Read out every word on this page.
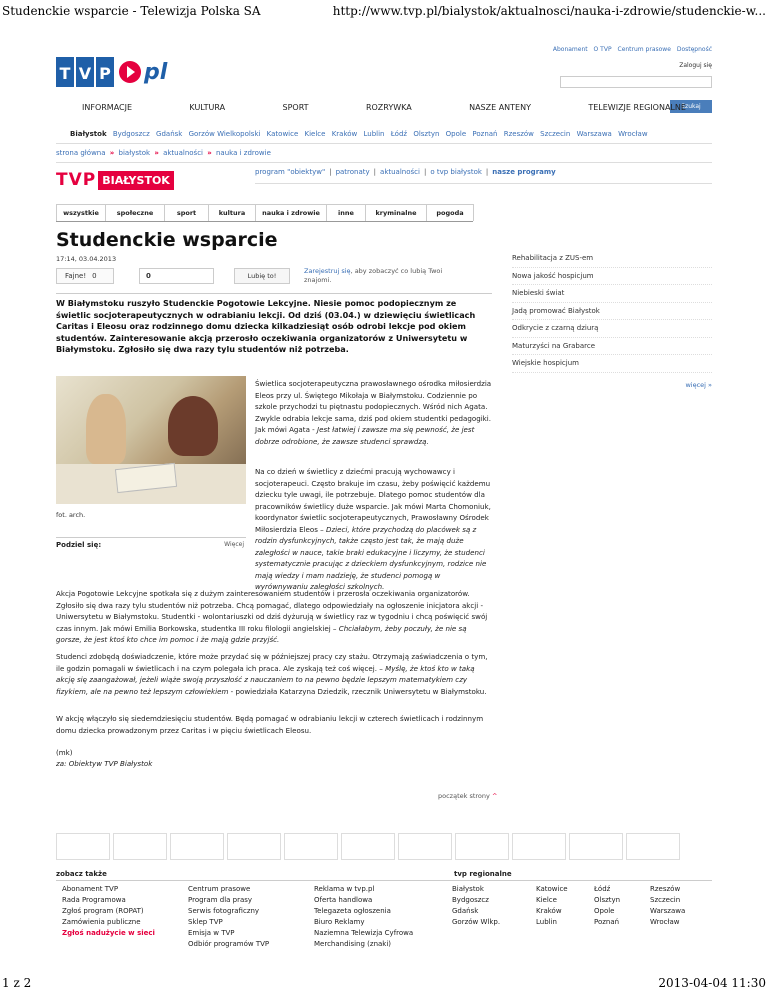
Studenckie wsparcie - Telewizja Polska SA	http://www.tvp.pl/bialystok/aktualnosci/nauka-i-zdrowie/studenckie-w...
Abonament O TVP Centrum prasowe Dostępność
Zaloguj się
T V P pl
Szukaj
INFORMACJE	KULTURA	SPORT	ROZRYWKA	NASZE ANTENY	TELEWIZJE REGIONALNE
Białystok Bydgoszcz Gdańsk Gorzów Wielkopolski Katowice Kielce Kraków Lublin Łódź Olsztyn Opole Poznań Rzeszów Szczecin Warszawa Wrocław
strona główna » białystok » aktualności » nauka i zdrowie
TVP BIAŁYSTOK
program "obiektyw" | patronaty | aktualności | o tvp białystok | nasze programy
wszystkie	społeczne	sport	kultura	nauka i zdrowie	inne	kryminalne	pogoda
Studenckie wsparcie
17:14, 03.04.2013
Fajne! 0	0	Lubię to!
Zarejestruj się, aby zobaczyć co lubią Twoi znajomi.
W Białymstoku ruszyło Studenckie Pogotowie Lekcyjne. Niesie pomoc podopiecznym ze świetlic socjoterapeutycznych w odrabianiu lekcji. Od dziś (03.04.) w dziewięciu świetlicach Caritas i Eleosu oraz rodzinnego domu dziecka kilkadziesiąt osób odrobi lekcje pod okiem studentów. Zainteresowanie akcją przerosło oczekiwania organizatorów z Uniwersytetu w Białymstoku. Zgłosiło się dwa razy tylu studentów niż potrzeba.
Rehabilitacja z ZUS-em
Nowa jakość hospicjum
Niebieski świat
Jadą promować Białystok
Odkrycie z czarną dziurą
Maturzyści na Grabarce
Wiejskie hospicjum
więcej »
fot. arch.
Podziel się:	Więcej
Świetlica socjoterapeutyczna prawosławnego ośrodka miłosierdzia Eleos przy ul. Świętego Mikołaja w Białymstoku. Codziennie po szkole przychodzi tu piętnastu podopiecznych. Wśród nich Agata. Zwykle odrabia lekcje sama, dziś pod okiem studentki pedagogiki. Jak mówi Agata - Jest łatwiej i zawsze ma się pewność, że jest dobrze odrobione, że zawsze studenci sprawdzą.
Na co dzień w świetlicy z dziećmi pracują wychowawcy i socjoterapeuci. Często brakuje im czasu, żeby poświęcić każdemu dziecku tyle uwagi, ile potrzebuje. Dlatego pomoc studentów dla pracowników świetlicy duże wsparcie. Jak mówi Marta Chomoniuk, koordynator świetlic socjoterapeutycznych, Prawosławny Ośrodek Miłosierdzia Eleos – Dzieci, które przychodzą do placówek są z rodzin dysfunkcyjnych, także często jest tak, że mają duże zaległości w nauce, takie braki edukacyjne i liczymy, że studenci systematycznie pracując z dzieckiem dysfunkcyjnym, rodzice nie mają wiedzy i mam nadzieję, że studenci pomogą w wyrównywaniu zaległości szkolnych.
Akcja Pogotowie Lekcyjne spotkała się z dużym zainteresowaniem studentów i przerosła oczekiwania organizatorów. Zgłosiło się dwa razy tylu studentów niż potrzeba. Chcą pomagać, dlatego odpowiedziały na ogłoszenie inicjatora akcji - Uniwersytetu w Białymstoku. Studentki - wolontariuszki od dziś dyżurują w świetlicy raz w tygodniu i chcą poświęcić swój czas innym. Jak mówi Emilia Borkowska, studentka III roku filologii angielskiej – Chciałabym, żeby poczuły, że nie są gorsze, że jest ktoś kto chce im pomoc i że mają gdzie przyjść.
Studenci zdobędą doświadczenie, które może przydać się w późniejszej pracy czy stażu. Otrzymają zaświadczenia o tym, ile godzin pomagali w świetlicach i na czym polegała ich praca. Ale zyskają też coś więcej. – Myślę, że ktoś kto w taką akcję się zaangażował, jeżeli wiąże swoją przyszłość z nauczaniem to na pewno będzie lepszym matematykiem czy fizykiem, ale na pewno też lepszym człowiekiem - powiedziała Katarzyna Dziedzik, rzecznik Uniwersytetu w Białymstoku.
W akcję włączyło się siedemdziesięciu studentów. Będą pomagać w odrabianiu lekcji w czterech świetlicach i rodzinnym domu dziecka prowadzonym przez Caritas i w pięciu świetlicach Eleosu.
(mk)
za: Obiektyw TVP Białystok
początek strony ^
zobacz także	tvp regionalne
Abonament TVP
Rada Programowa
Zgłoś program (ROPAT)
Zamówienia publiczne
Zgłoś nadużycie w sieci
Centrum prasowe
Program dla prasy
Serwis fotograficzny
Sklep TVP
Emisja w TVP
Odbiór programów TVP
Reklama w tvp.pl
Oferta handlowa
Telegazeta ogłoszenia
Biuro Reklamy
Naziemna Telewizja Cyfrowa
Merchandising (znaki)
Białystok
Bydgoszcz
Gdańsk
Gorzów Wlkp.
Katowice
Kielce
Kraków
Lublin
Łódź
Olsztyn
Opole
Poznań
Rzeszów
Szczecin
Warszawa
Wrocław
1 z 2	2013-04-04 11:30
